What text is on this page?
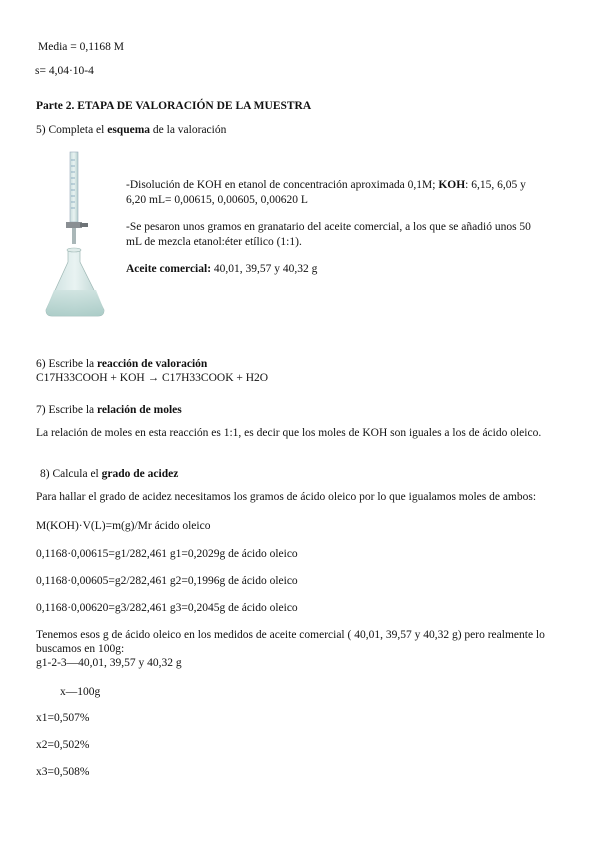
Media = 0,1168 M
s= 4,04·10-4
Parte 2. ETAPA DE VALORACIÓN DE LA MUESTRA
5) Completa el esquema de la valoración
-Disolución de KOH en etanol de concentración aproximada 0,1M; KOH: 6,15, 6,05 y 6,20 mL= 0,00615, 0,00605, 0,00620 L
-Se pesaron unos gramos en granatario del aceite comercial, a los que se añadió unos 50 mL de mezcla etanol:éter etílico (1:1).
Aceite comercial: 40,01, 39,57 y 40,32 g
6) Escribe la reacción de valoración
C17H33COOH + KOH → C17H33COOK + H2O
7) Escribe la relación de moles
La relación de moles en esta reacción es 1:1, es decir que los moles de KOH son iguales a los de ácido oleico.
8) Calcula el grado de acidez
Para hallar el grado de acidez necesitamos los gramos de ácido oleico por lo que igualamos moles de ambos:
M(KOH)·V(L)=m(g)/Mr ácido oleico
0,1168·0,00615=g1/282,461 g1=0,2029g de ácido oleico
0,1168·0,00605=g2/282,461 g2=0,1996g de ácido oleico
0,1168·0,00620=g3/282,461 g3=0,2045g de ácido oleico
Tenemos esos g de ácido oleico en los medidos de aceite comercial ( 40,01, 39,57 y 40,32 g) pero realmente lo buscamos en 100g:
g1-2-3—40,01, 39,57 y 40,32 g
x—100g
x1=0,507%
x2=0,502%
x3=0,508%
